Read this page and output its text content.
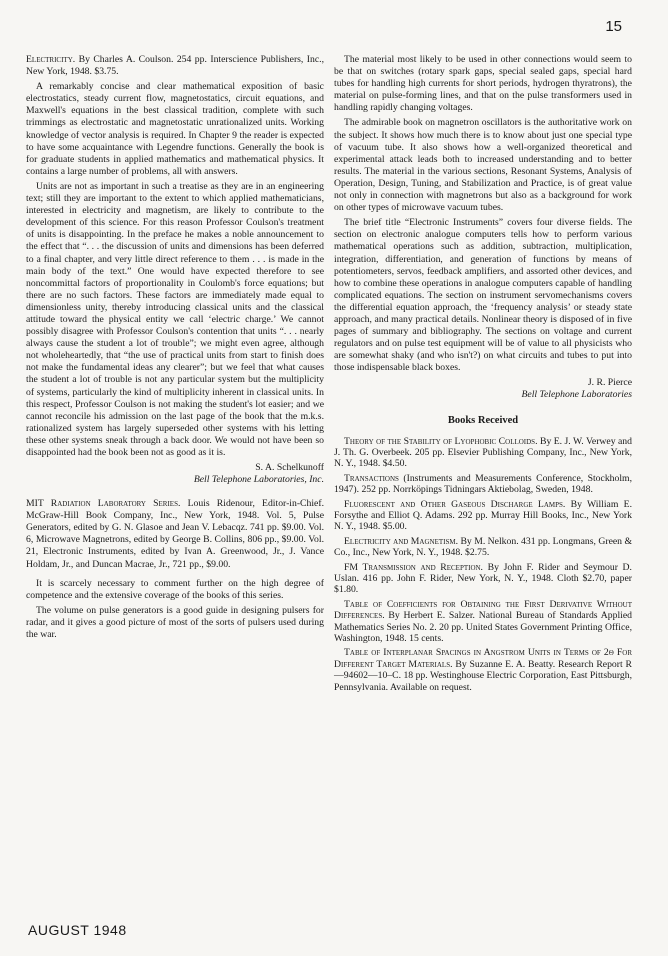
15

Electricity. By Charles A. Coulson. 254 pp. Interscience Publishers, Inc., New York, 1948. $3.75.

A remarkably concise and clear mathematical exposition of basic electrostatics, steady current flow, magnetostatics, circuit equations, and Maxwell's equations in the best classical tradition, complete with such trimmings as electrostatic and magnetostatic unrationalized units. Working knowledge of vector analysis is required. In Chapter 9 the reader is expected to have some acquaintance with Legendre functions. Generally the book is for graduate students in applied mathematics and mathematical physics. It contains a large number of problems, all with answers.

Units are not as important in such a treatise as they are in an engineering text; still they are important to the extent to which applied mathematicians, interested in electricity and magnetism, are likely to contribute to the development of this science. For this reason Professor Coulson's treatment of units is disappointing. In the preface he makes a noble announcement to the effect that “. . . the discussion of units and dimensions has been deferred to a final chapter, and very little direct reference to them . . . is made in the main body of the text.” One would have expected therefore to see noncommittal factors of proportionality in Coulomb's force equations; but there are no such factors. These factors are immediately made equal to dimensionless unity, thereby introducing classical units and the classical attitude toward the physical entity we call ‘electric charge.’ We cannot possibly disagree with Professor Coulson's contention that units “. . . nearly always cause the student a lot of trouble”; we might even agree, although not wholeheartedly, that “the use of practical units from start to finish does not make the fundamental ideas any clearer”; but we feel that what causes the student a lot of trouble is not any particular system but the multiplicity of systems, particularly the kind of multiplicity inherent in classical units. In this respect, Professor Coulson is not making the student's lot easier; and we cannot reconcile his admission on the last page of the book that the m.k.s. rationalized system has largely superseded other systems with his letting these other systems sneak through a back door. We would not have been so disappointed had the book been not as good as it is.

S. A. Schelkunoff
Bell Telephone Laboratories, Inc.

MIT Radiation Laboratory Series. Louis Ridenour, Editor-in-Chief. McGraw-Hill Book Company, Inc., New York, 1948. Vol. 5, Pulse Generators, edited by G. N. Glasoe and Jean V. Lebacqz. 741 pp. $9.00. Vol. 6, Microwave Magnetrons, edited by George B. Collins, 806 pp., $9.00. Vol. 21, Electronic Instruments, edited by Ivan A. Greenwood, Jr., J. Vance Holdam, Jr., and Duncan Macrae, Jr., 721 pp., $9.00.

It is scarcely necessary to comment further on the high degree of competence and the extensive coverage of the books of this series.

The volume on pulse generators is a good guide in designing pulsers for radar, and it gives a good picture of most of the sorts of pulsers used during the war.

The material most likely to be used in other connections would seem to be that on switches (rotary spark gaps, special sealed gaps, special hard tubes for handling high currents for short periods, hydrogen thyratrons), the material on pulse-forming lines, and that on the pulse transformers used in handling rapidly changing voltages.

The admirable book on magnetron oscillators is the authoritative work on the subject. It shows how much there is to know about just one special type of vacuum tube. It also shows how a well-organized theoretical and experimental attack leads both to increased understanding and to better results. The material in the various sections, Resonant Systems, Analysis of Operation, Design, Tuning, and Stabilization and Practice, is of great value not only in connection with magnetrons but also as a background for work on other types of microwave vacuum tubes.

The brief title “Electronic Instruments” covers four diverse fields. The section on electronic analogue computers tells how to perform various mathematical operations such as addition, subtraction, multiplication, integration, differentiation, and generation of functions by means of potentiometers, servos, feedback amplifiers, and assorted other devices, and how to combine these operations in analogue computers capable of handling complicated equations. The section on instrument servomechanisms covers the differential equation approach, the ‘frequency analysis’ or steady state approach, and many practical details. Nonlinear theory is disposed of in five pages of summary and bibliography. The sections on voltage and current regulators and on pulse test equipment will be of value to all physicists who are somewhat shaky (and who isn't?) on what circuits and tubes to put into those indispensable black boxes.

J. R. Pierce
Bell Telephone Laboratories
Books Received

Theory of the Stability of Lyophobic Colloids. By E. J. W. Verwey and J. Th. G. Overbeek. 205 pp. Elsevier Publishing Company, Inc., New York, N. Y., 1948. $4.50.

Transactions (Instruments and Measurements Conference, Stockholm, 1947). 252 pp. Norrköpings Tidningars Aktiebolag, Sweden, 1948.

Fluorescent and Other Gaseous Discharge Lamps. By William E. Forsythe and Elliot Q. Adams. 292 pp. Murray Hill Books, Inc., New York N. Y., 1948. $5.00.

Electricity and Magnetism. By M. Nelkon. 431 pp. Longmans, Green & Co., Inc., New York, N. Y., 1948. $2.75.

FM Transmission and Reception. By John F. Rider and Seymour D. Uslan. 416 pp. John F. Rider, New York, N. Y., 1948. Cloth $2.70, paper $1.80.

Table of Coefficients for Obtaining the First Derivative Without Differences. By Herbert E. Salzer. National Bureau of Standards Applied Mathematics Series No. 2. 20 pp. United States Government Printing Office, Washington, 1948. 15 cents.

Table of Interplanar Spacings in Angstrom Units in Terms of 2θ For Different Target Materials. By Suzanne E. A. Beatty. Research Report R—94602—10–C. 18 pp. Westinghouse Electric Corporation, East Pittsburgh, Pennsylvania. Available on request.

AUGUST 1948
